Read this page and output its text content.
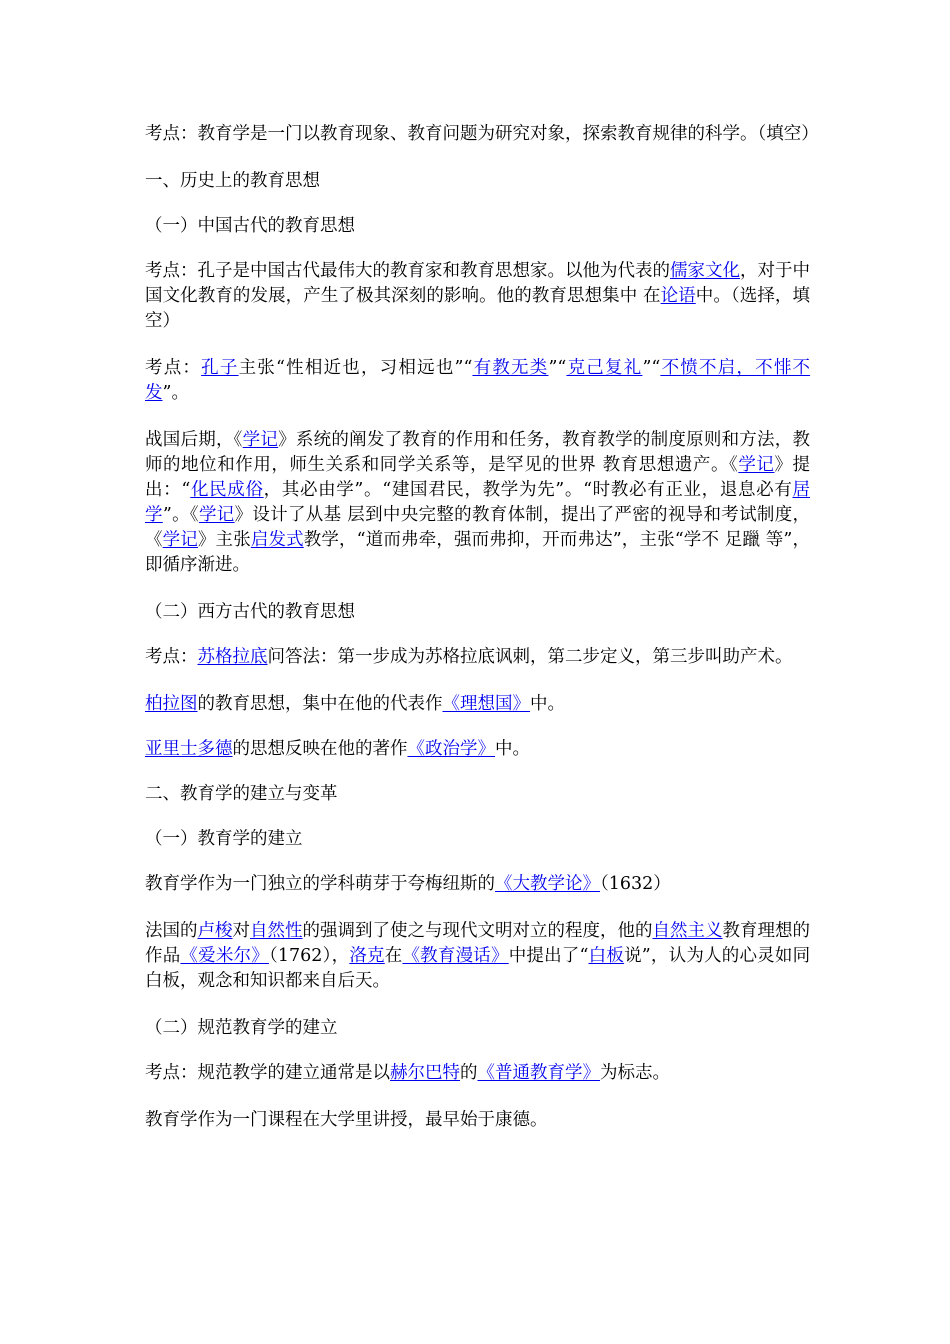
考点：教育学是一门以教育现象、教育问题为研究对象，探索教育规律的科学。（填空）

一、历史上的教育思想

（一）中国古代的教育思想

考点：孔子是中国古代最伟大的教育家和教育思想家。以他为代表的儒家文化，对于中国文化教育的发展，产生了极其深刻的影响。他的教育思想集中 在论语中。（选择，填空）

考点：孔子主张“性相近也，习相远也”“有教无类”“克己复礼”“不愤不启，不悱不发”。

战国后期，《学记》系统的阐发了教育的作用和任务，教育教学的制度原则和方法，教师的地位和作用，师生关系和同学关系等，是罕见的世界 教育思想遗产。《学记》提出：“化民成俗，其必由学”。“建国君民，教学为先”。“时教必有正业，退息必有居学”。《学记》设计了从基 层到中央完整的教育体制，提出了严密的视导和考试制度，《学记》主张启发式教学，“道而弗牵，强而弗抑，开而弗达”，主张“学不 足躐 等”，即循序渐进。

（二）西方古代的教育思想

考点：苏格拉底问答法：第一步成为苏格拉底讽刺，第二步定义，第三步叫助产术。

柏拉图的教育思想，集中在他的代表作《理想国》中。

亚里士多德的思想反映在他的著作《政治学》中。

二、教育学的建立与变革

（一）教育学的建立

教育学作为一门独立的学科萌芽于夸梅纽斯的《大教学论》（1632）

法国的卢梭对自然性的强调到了使之与现代文明对立的程度，他的自然主义教育理想的作品《爱米尔》（1762），洛克在《教育漫话》中提出了“白板说”，认为人的心灵如同白板，观念和知识都来自后天。

（二）规范教育学的建立

考点：规范教学的建立通常是以赫尔巴特的《普通教育学》为标志。

教育学作为一门课程在大学里讲授，最早始于康德。
